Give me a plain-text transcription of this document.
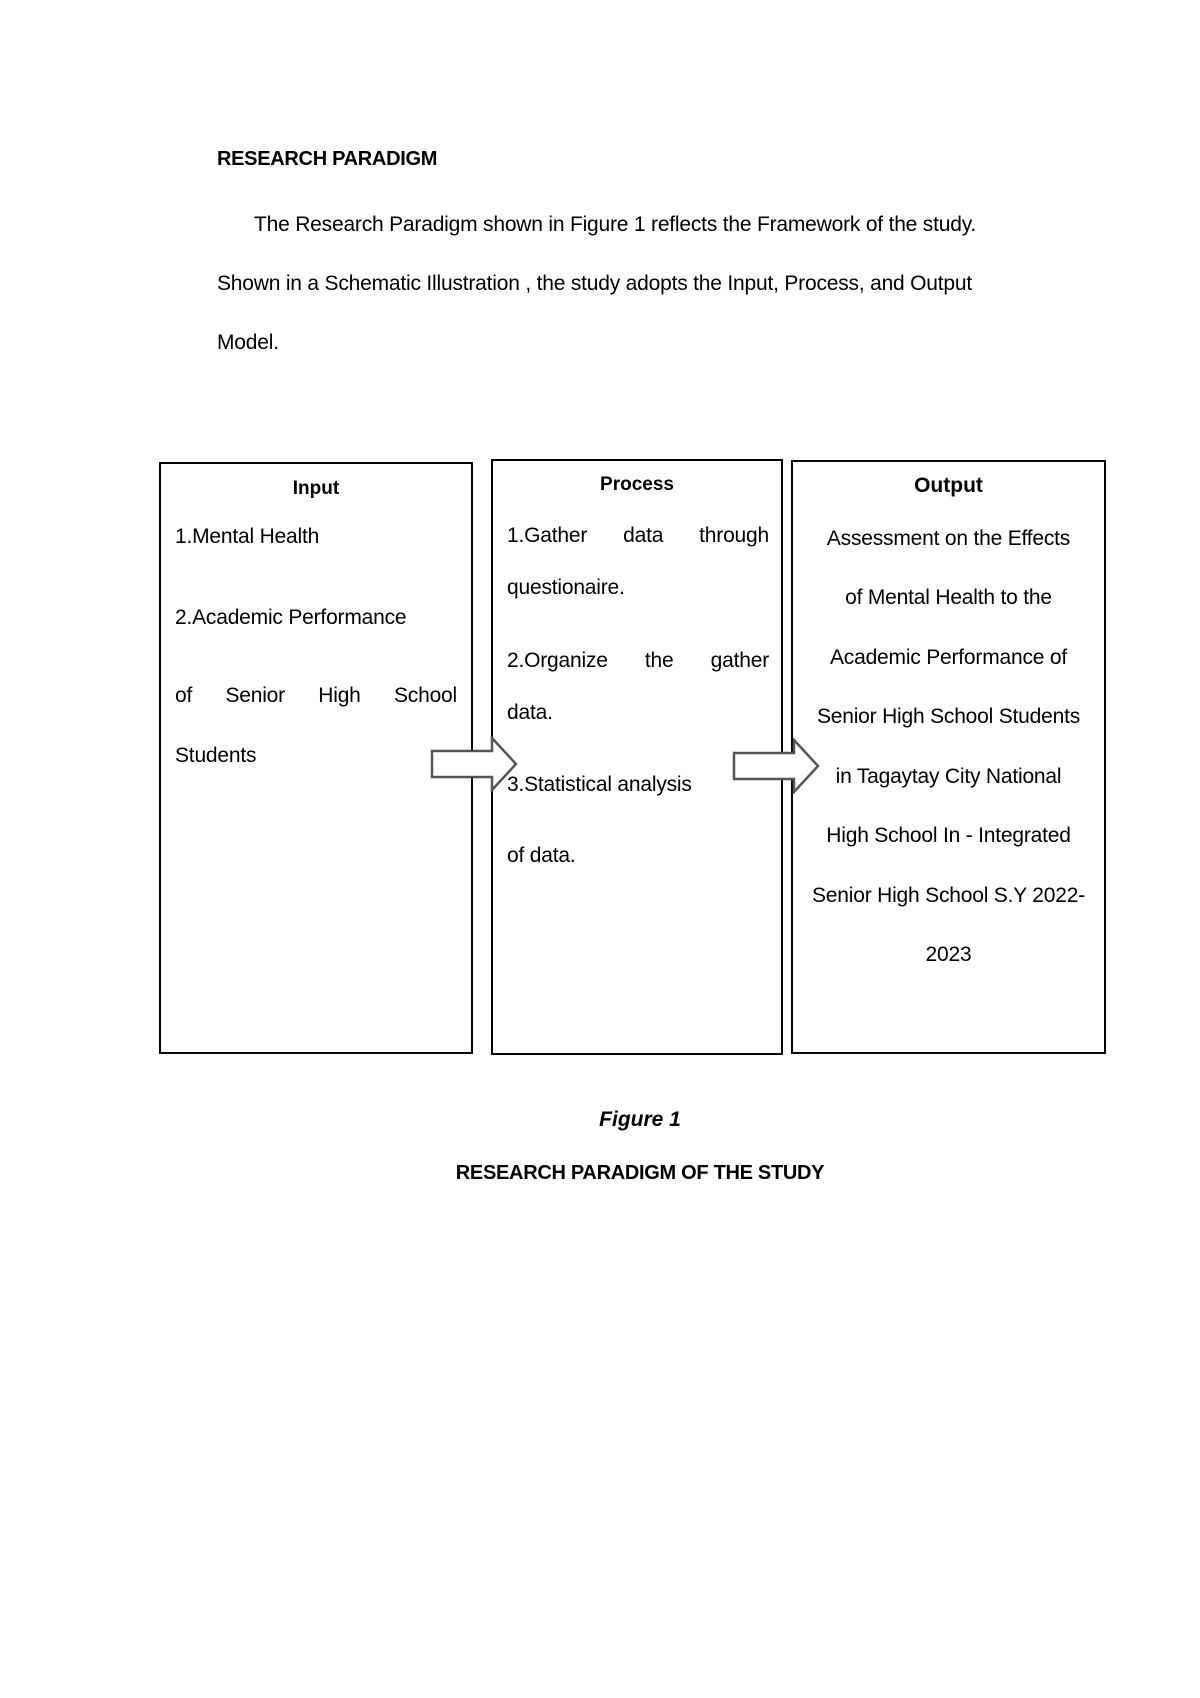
RESEARCH PARADIGM
The Research Paradigm shown in Figure 1 reflects the Framework of the study.
Shown in a Schematic Illustration , the study adopts the Input, Process, and Output
Model.
Input
1.Mental Health
2.Academic Performance
of Senior High School
Students
Process
1.Gather data through
questionaire.
2.Organize the gather
data.
3.Statistical analysis
of data.
Output
Assessment on the Effects
of Mental Health to the
Academic Performance of
Senior High School Students
in Tagaytay City National
High School In - Integrated
Senior High School S.Y 2022-
2023
Figure 1
RESEARCH PARADIGM OF THE STUDY
